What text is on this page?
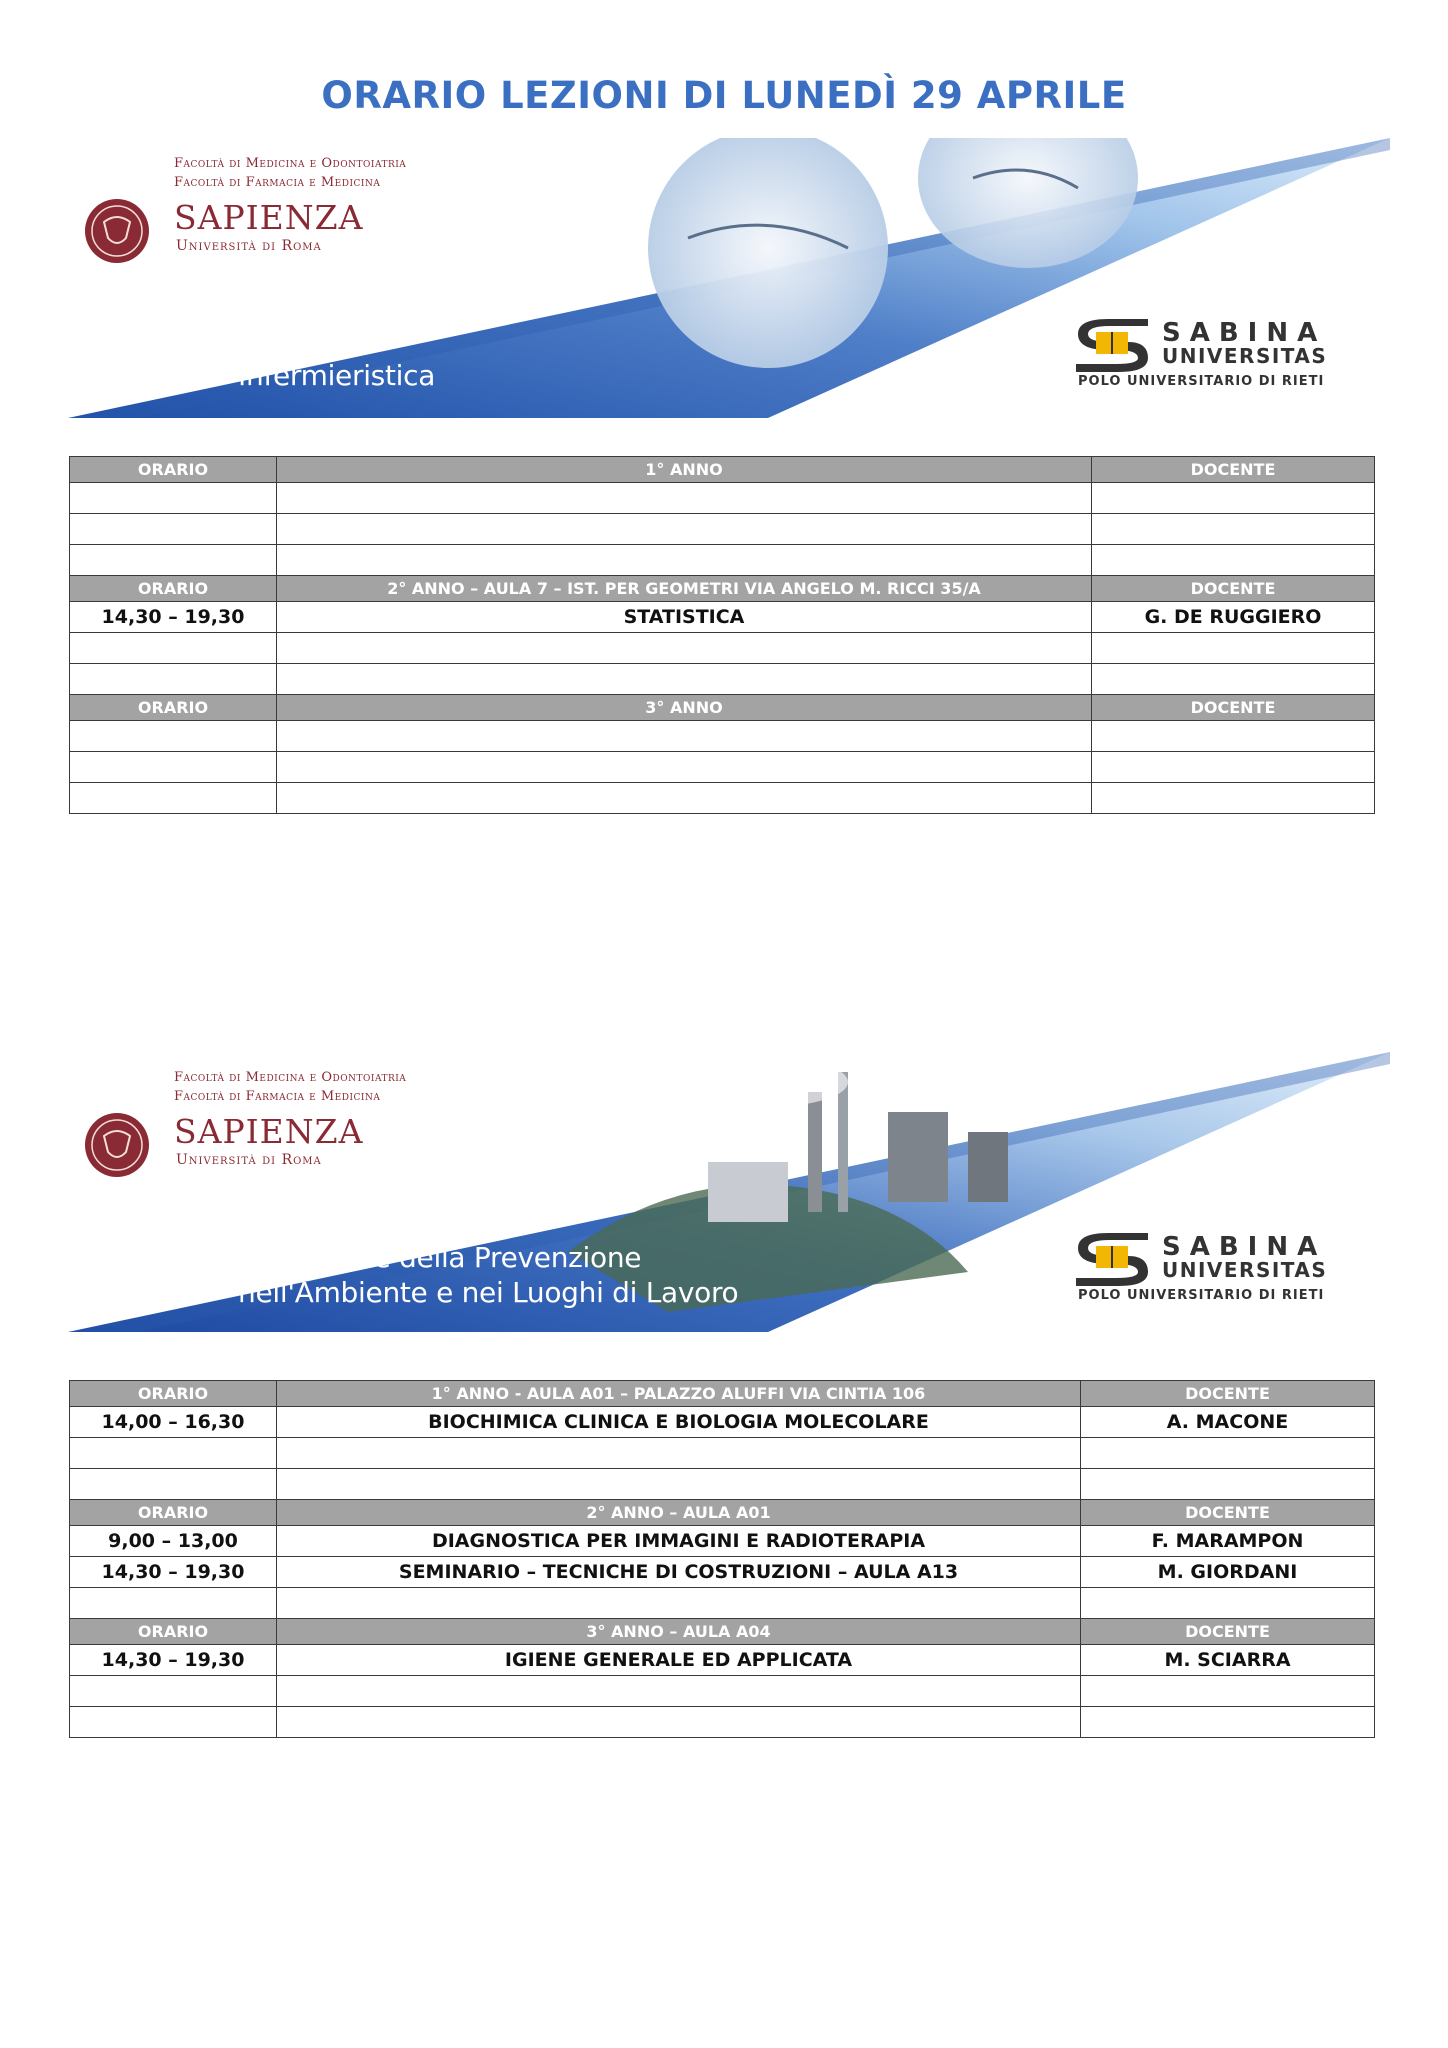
ORARIO LEZIONI DI LUNEDÌ 29 APRILE
Facoltà di Medicina e Odontoiatria
Facoltà di Farmacia e Medicina
SAPIENZA
Università di Roma
Infermieristica
SABINA
UNIVERSITAS
POLO UNIVERSITARIO DI RIETI
ORARIO	1° ANNO	DOCENTE

ORARIO	2° ANNO – AULA 7 – IST. PER GEOMETRI VIA ANGELO M. RICCI 35/A	DOCENTE
14,30 – 19,30	STATISTICA	G. DE RUGGIERO

ORARIO	3° ANNO	DOCENTE

Facoltà di Medicina e Odontoiatria
Facoltà di Farmacia e Medicina
SAPIENZA
Università di Roma
Tecniche della Prevenzione
nell'Ambiente e nei Luoghi di Lavoro
SABINA
UNIVERSITAS
POLO UNIVERSITARIO DI RIETI
ORARIO	1° ANNO - AULA A01 – PALAZZO ALUFFI VIA CINTIA 106	DOCENTE
14,00 – 16,30	BIOCHIMICA CLINICA E BIOLOGIA MOLECOLARE	A. MACONE

ORARIO	2° ANNO – AULA A01	DOCENTE
9,00 – 13,00	DIAGNOSTICA PER IMMAGINI E RADIOTERAPIA	F. MARAMPON
14,30 – 19,30	SEMINARIO – TECNICHE DI COSTRUZIONI – AULA A13	M. GIORDANI

ORARIO	3° ANNO – AULA A04	DOCENTE
14,30 – 19,30	IGIENE GENERALE ED APPLICATA	M. SCIARRA
